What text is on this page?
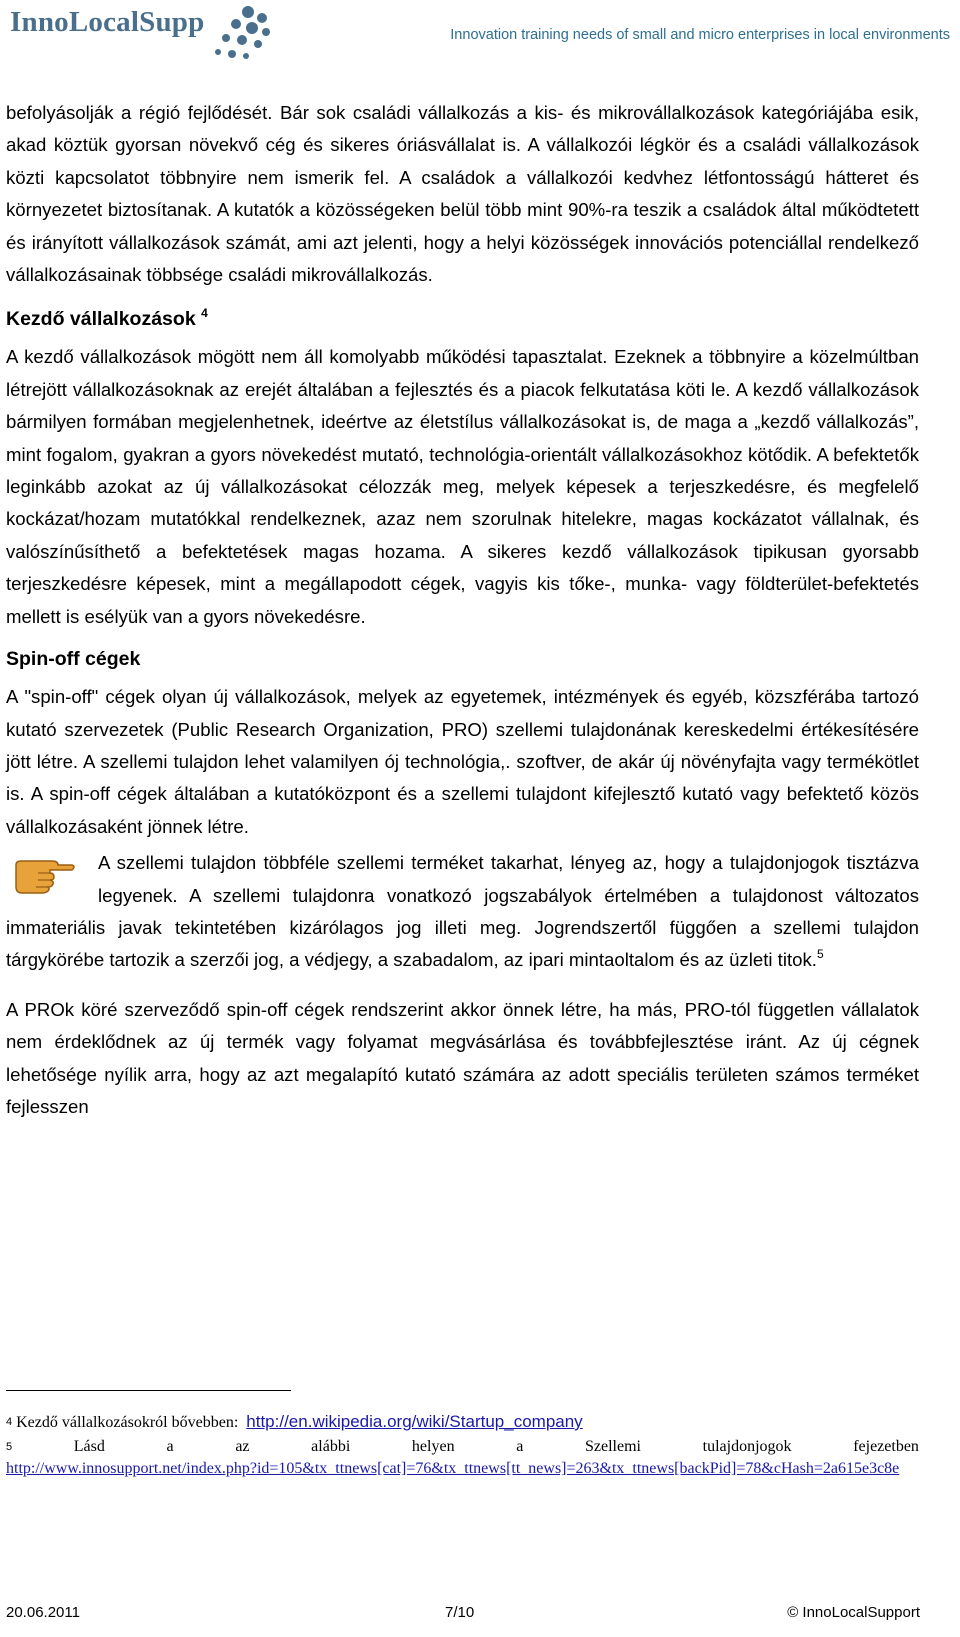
InnoLocalSupp	Innovation training needs of small and micro enterprises in local environments

befolyásolják a régió fejlődését. Bár sok családi vállalkozás a kis- és mikrovállalkozások kategóriájába esik, akad köztük gyorsan növekvő cég és sikeres óriásvállalat is. A vállalkozói légkör és a családi vállalkozások közti kapcsolatot többnyire nem ismerik fel. A családok a vállalkozói kedvhez létfontosságú hátteret és környezetet biztosítanak. A kutatók a közösségeken belül több mint 90%-ra teszik a családok által működtetett és irányított vállalkozások számát, ami azt jelenti, hogy a helyi közösségek innovációs potenciállal rendelkező vállalkozásainak többsége családi mikrovállalkozás.

Kezdő vállalkozások $^4$

A kezdő vállalkozások mögött nem áll komolyabb működési tapasztalat. Ezeknek a többnyire a közelmúltban létrejött vállalkozásoknak az erejét általában a fejlesztés és a piacok felkutatása köti le. A kezdő vállalkozások bármilyen formában megjelenhetnek, ideértve az életstílus vállalkozásokat is, de maga a „kezdő vállalkozás”, mint fogalom, gyakran a gyors növekedést mutató, technológia-orientált vállalkozásokhoz kötődik. A befektetők leginkább azokat az új vállalkozásokat célozzák meg, melyek képesek a terjeszkedésre, és megfelelő kockázat/hozam mutatókkal rendelkeznek, azaz nem szorulnak hitelekre, magas kockázatot vállalnak, és valószínűsíthető a befektetések magas hozama. A sikeres kezdő vállalkozások tipikusan gyorsabb terjeszkedésre képesek, mint a megállapodott cégek, vagyis kis tőke-, munka- vagy földterület-befektetés mellett is esélyük van a gyors növekedésre.

Spin-off cégek

A "spin-off" cégek olyan új vállalkozások, melyek az egyetemek, intézmények és egyéb, közszférába tartozó kutató szervezetek (Public Research Organization, PRO) szellemi tulajdonának kereskedelmi értékesítésére jött létre. A szellemi tulajdon lehet valamilyen ój technológia,. szoftver, de akár új növényfajta vagy termékötlet is. A spin-off cégek általában a kutatóközpont és a szellemi tulajdont kifejlesztő kutató vagy befektető közös vállalkozásaként jönnek létre.

A szellemi tulajdon többféle szellemi terméket takarhat, lényeg az, hogy a tulajdonjogok tisztázva legyenek. A szellemi tulajdonra vonatkozó jogszabályok értelmében a tulajdonost változatos immateriális javak tekintetében kizárólagos jog illeti meg. Jogrendszertől függően a szellemi tulajdon tárgykörébe tartozik a szerzői jog, a védjegy, a szabadalom, az ipari mintaoltalom és az üzleti titok.$^5$

A PROk köré szerveződő spin-off cégek rendszerint akkor önnek létre, ha más, PRO-tól független vállalatok nem érdeklődnek az új termék vagy folyamat megvásárlása és továbbfejlesztése iránt. Az új cégnek lehetősége nyílik arra, hogy az azt megalapító kutató számára az adott speciális területen számos terméket fejlesszen

$^4$ Kezdő vállalkozásokról bővebben: http://en.wikipedia.org/wiki/Startup_company
$^5$	Lásd	a	az	alábbi	helyen	a	Szellemi	tulajdonjogok	fejezetben
http://www.innosupport.net/index.php?id=105&tx_ttnews[cat]=76&tx_ttnews[tt_news]=263&tx_ttnews[backPid]=78&cHash=2a615e3c8e
20.06.2011	7/10	© InnoLocalSupport
